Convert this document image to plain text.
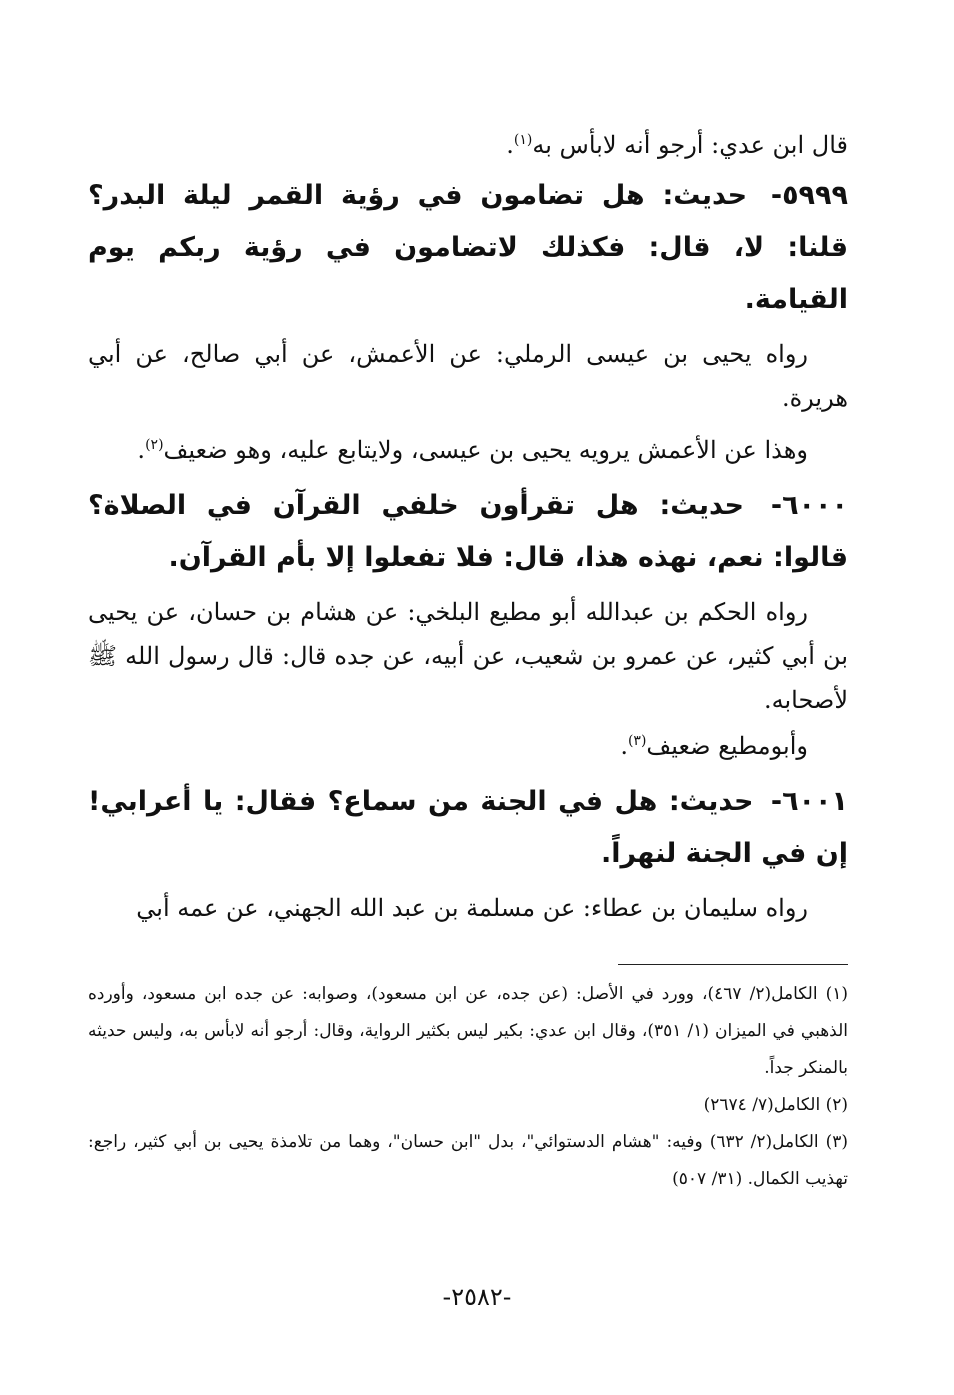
قال ابن عدي: أرجو أنه لابأس به$^{(١)}$.

٥٩٩٩- حديث: هل تضامون في رؤية القمر ليلة البدر؟ قلنا: لا، قال: فكذلك لاتضامون في رؤية ربكم يوم القيامة.

رواه يحيى بن عيسى الرملي: عن الأعمش، عن أبي صالح، عن أبي هريرة.

وهذا عن الأعمش يرويه يحيى بن عيسى، ولايتابع عليه، وهو ضعيف$^{(٢)}$.

٦٠٠٠- حديث: هل تقرأون خلفي القرآن في الصلاة؟ قالوا: نعم، نهذه هذا، قال: فلا تفعلوا إلا بأم القرآن.

رواه الحكم بن عبدالله أبو مطيع البلخي: عن هشام بن حسان، عن يحيى بن أبي كثير، عن عمرو بن شعيب، عن أبيه، عن جده قال: قال رسول الله ﷺ لأصحابه.

وأبومطيع ضعيف$^{(٣)}$.

٦٠٠١- حديث: هل في الجنة من سماع؟ فقال: يا أعرابي! إن في الجنة لنهراً.

رواه سليمان بن عطاء: عن مسلمة بن عبد الله الجهني، عن عمه أبي

(١) الكامل(٢/ ٤٦٧)، وورد في الأصل: (عن جده، عن ابن مسعود)، وصوابه: عن جده ابن مسعود، وأورده الذهبي في الميزان (١/ ٣٥١)، وقال ابن عدي: بكير ليس بكثير الرواية، وقال: أرجو أنه لابأس به، وليس حديثه بالمنكر جداً.

(٢) الكامل(٧/ ٢٦٧٤)

(٣) الكامل(٢/ ٦٣٢) وفيه: "هشام الدستوائي"، بدل "ابن حسان"، وهما من تلامذة يحيى بن أبي كثير، راجع: تهذيب الكمال. (٣١/ ٥٠٧)

-٢٥٨٢-
